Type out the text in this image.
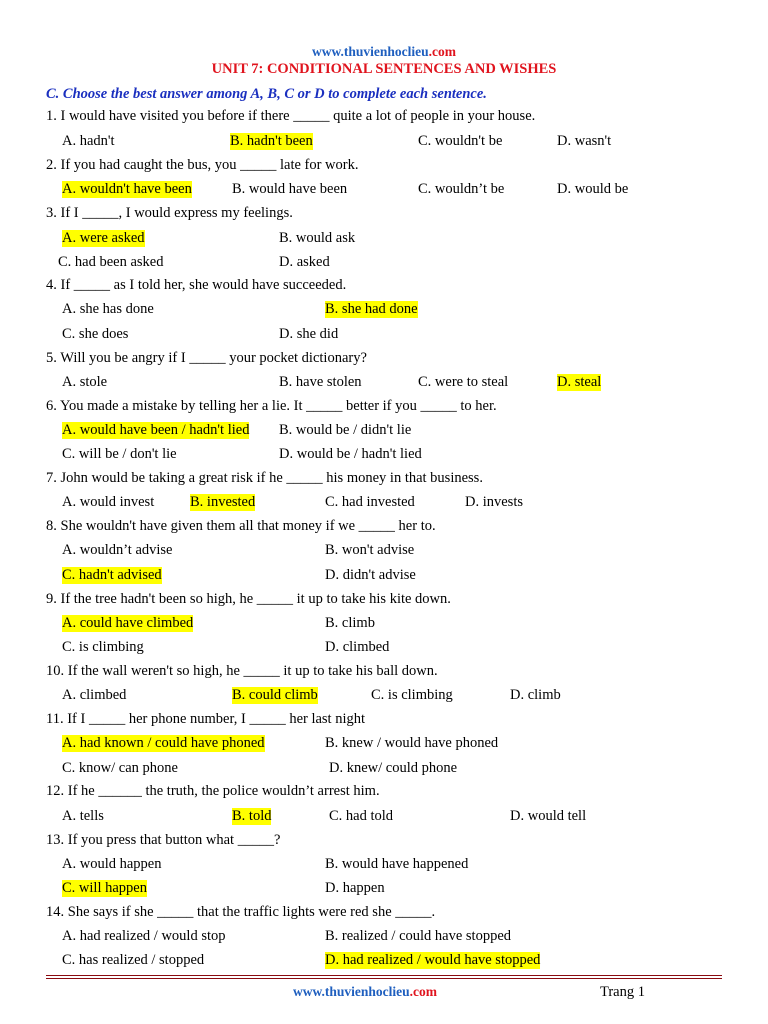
www.thuvienhoclieu.com
UNIT 7: CONDITIONAL SENTENCES AND WISHES
C. Choose the best answer among A, B, C or D to complete each sentence.
1. I would have visited you before if there _____ quite a lot of people in your house.
A. hadn't	B. hadn't been	C. wouldn't be	D. wasn't
2. If you had caught the bus, you _____ late for work.
A. wouldn't have been	B. would have been	C. wouldn’t be	D. would be
3. If I _____, I would express my feelings.
A. were asked	B. would ask
C. had been asked	D. asked
4. If _____ as I told her, she would have succeeded.
A. she has done	B. she had done
C. she does	D. she did
5. Will you be angry if I _____ your pocket dictionary?
A. stole	B. have stolen	C. were to steal	D. steal
6. You made a mistake by telling her a lie. It _____ better if you _____ to her.
A. would have been / hadn't lied B. would be / didn't lie
C. will be / don't lie	D. would be / hadn't lied
7. John would be taking a great risk if he _____ his money in that business.
A. would invest B. invested	C. had invested	D. invests
8. She wouldn't have given them all that money if we _____ her to.
A. wouldn’t advise	B. won't advise
C. hadn't advised	D. didn't advise
9. If the tree hadn't been so high, he _____ it up to take his kite down.
A. could have climbed	B. climb
C. is climbing	D. climbed
10. If the wall weren't so high, he _____ it up to take his ball down.
A. climbed	B. could climb	C. is climbing	D. climb
11. If I _____ her phone number, I _____ her last night
A. had known / could have phoned	B. knew / would have phoned
C. know/ can phone	D. knew/ could phone
12. If he ______ the truth, the police wouldn’t arrest him.
A. tells	B. told	C. had told	D. would tell
13. If you press that button what _____?
A. would happen	B. would have happened
C. will happen	D. happen
14. She says if she _____ that the traffic lights were red she _____.
A. had realized / would stop	B. realized / could have stopped
C. has realized / stopped	D. had realized / would have stopped
www.thuvienhoclieu.com	Trang 1
